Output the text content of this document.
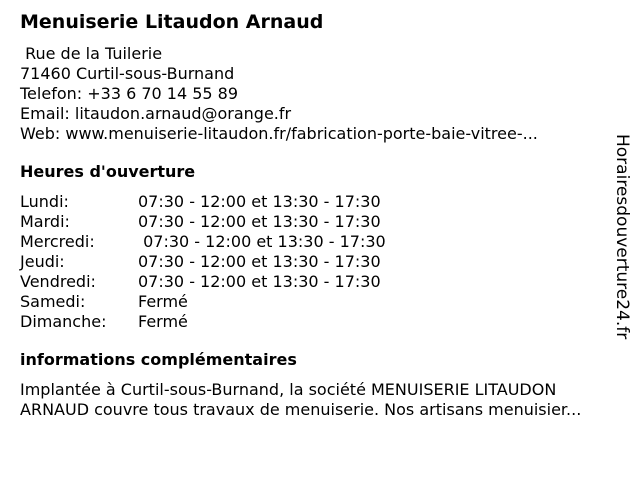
Menuiserie Litaudon Arnaud
Rue de la Tuilerie
71460 Curtil-sous-Burnand
Telefon: +33 6 70 14 55 89
Email: litaudon.arnaud@orange.fr
Web: www.menuiserie-litaudon.fr/fabrication-porte-baie-vitree-...
Heures d'ouverture
Lundi:	07:30 - 12:00 et 13:30 - 17:30
Mardi:	07:30 - 12:00 et 13:30 - 17:30
Mercredi:	07:30 - 12:00 et 13:30 - 17:30
Jeudi:	07:30 - 12:00 et 13:30 - 17:30
Vendredi:	07:30 - 12:00 et 13:30 - 17:30
Samedi:	Fermé
Dimanche:	Fermé
informations complémentaires
Implantée à Curtil-sous-Burnand, la société MENUISERIE LITAUDON
ARNAUD couvre tous travaux de menuiserie. Nos artisans menuisier...
Horairesdouverture24.fr
